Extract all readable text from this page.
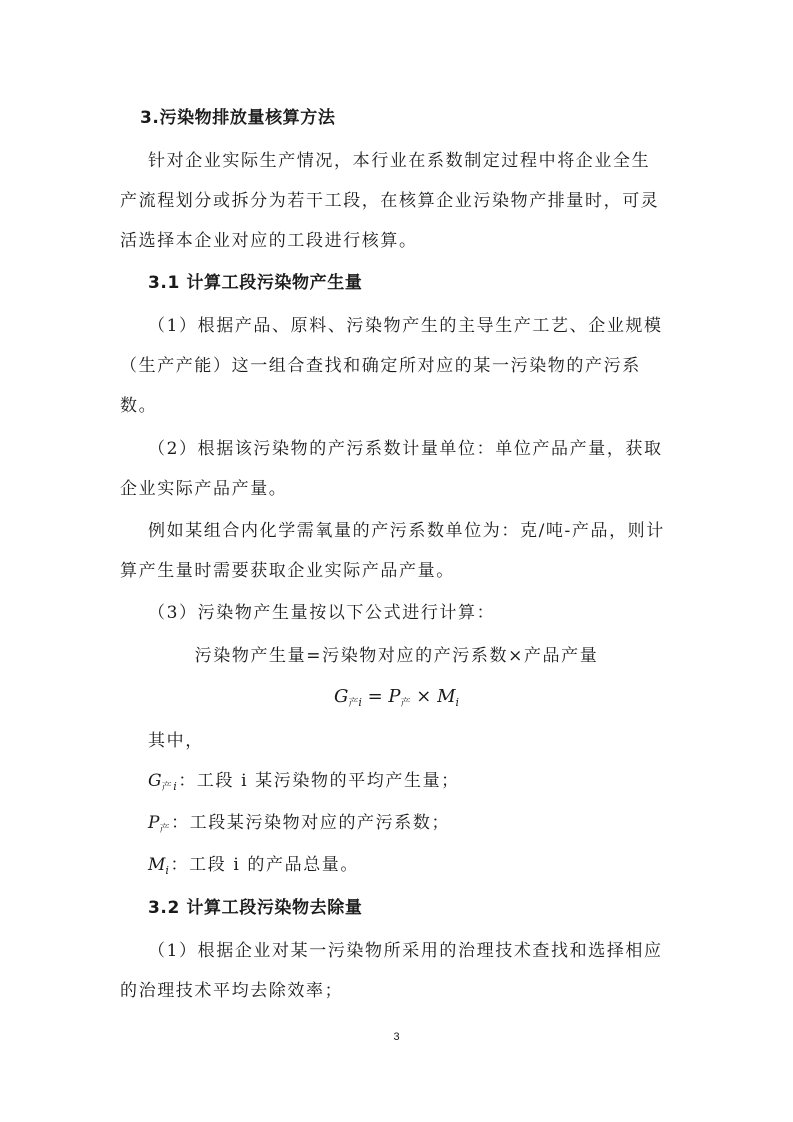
3.污染物排放量核算方法
针对企业实际生产情况，本行业在系数制定过程中将企业全生
产流程划分或拆分为若干工段，在核算企业污染物产排量时，可灵
活选择本企业对应的工段进行核算。
3.1 计算工段污染物产生量
（1）根据产品、原料、污染物产生的主导生产工艺、企业规模
（生产产能）这一组合查找和确定所对应的某一污染物的产污系
数。
（2）根据该污染物的产污系数计量单位：单位产品产量，获取
企业实际产品产量。
例如某组合内化学需氧量的产污系数单位为：克/吨-产品，则计
算产生量时需要获取企业实际产品产量。
（3）污染物产生量按以下公式进行计算：
污染物产生量=污染物对应的产污系数×产品产量
$G_{产i} = P_产 \times M_i$
其中，
$G_{产i}$：工段 i 某污染物的平均产生量；
$P_产$：工段某污染物对应的产污系数；
$M_i$：工段 i 的产品总量。
3.2 计算工段污染物去除量
（1）根据企业对某一污染物所采用的治理技术查找和选择相应
的治理技术平均去除效率；
3
